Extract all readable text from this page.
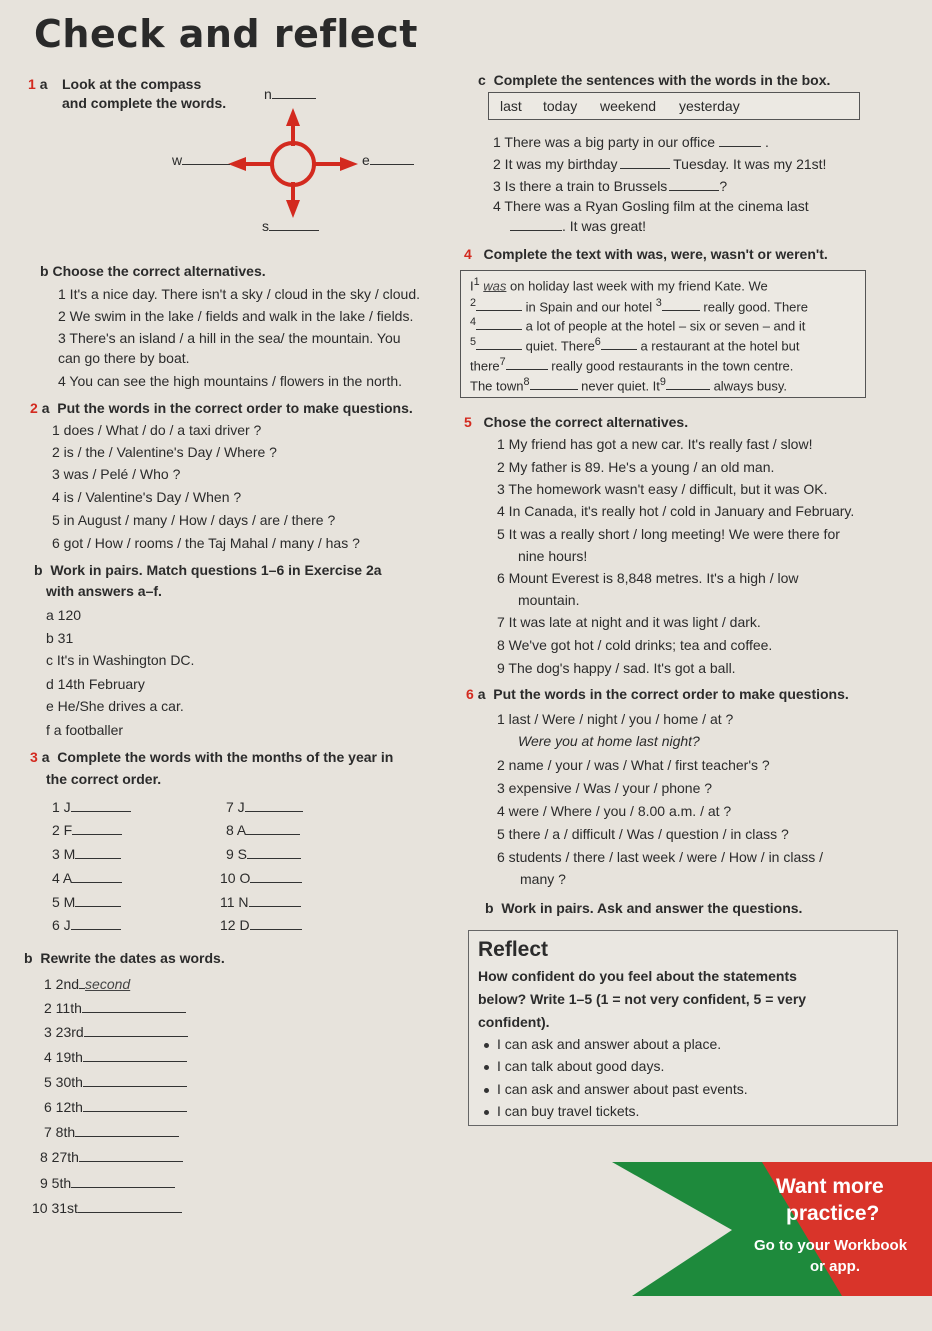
Check and reflect
1 a Look at the compass
and complete the words.
n
w	e
s
b Choose the correct alternatives.
1 It's a nice day. There isn't a sky / cloud in the sky / cloud.
2 We swim in the lake / fields and walk in the lake / fields.
3 There's an island / a hill in the sea/ the mountain. You
can go there by boat.
4 You can see the high mountains / flowers in the north.
c Complete the sentences with the words in the box.
last today weekend yesterday
1 There was a big party in our office	.
2 It was my birthday	Tuesday. It was my 21st!
3 Is there a train to Brussels	?
4 There was a Ryan Gosling film at the cinema last
. It was great!
4 Complete the text with was, were, wasn't or weren't.
$I^1$ was on holiday last week with my friend Kate. We
$^2$	in Spain and our hotel $^3$	really good. There
$^4$	a lot of people at the hotel – six or seven – and it
$^5$	quiet. There$^6$	a restaurant at the hotel but
there$^7$	really good restaurants in the town centre.
The town$^8$	never quiet. It$^9$	always busy.
2 a Put the words in the correct order to make questions.
1 does / What / do / a taxi driver ?
2 is / the / Valentine's Day / Where ?
3 was / Pelé / Who ?
4 is / Valentine's Day / When ?
5 in August / many / How / days / are / there ?
6 got / How / rooms / the Taj Mahal / many / has ?
b Work in pairs. Match questions 1–6 in Exercise 2a
with answers a–f.
a 120
b 31
c It's in Washington DC.
d 14th February
e He/She drives a car.
f a footballer
5 Chose the correct alternatives.
1 My friend has got a new car. It's really fast / slow!
2 My father is 89. He's a young / an old man.
3 The homework wasn't easy / difficult, but it was OK.
4 In Canada, it's really hot / cold in January and February.
5 It was a really short / long meeting! We were there for
nine hours!
6 Mount Everest is 8,848 metres. It's a high / low
mountain.
7 It was late at night and it was light / dark.
8 We've got hot / cold drinks; tea and coffee.
9 The dog's happy / sad. It's got a ball.
6 a Put the words in the correct order to make questions.
1 last / Were / night / you / home / at ?
Were you at home last night?
2 name / your / was / What / first teacher's ?
3 expensive / Was / your / phone ?
4 were / Where / you / 8.00 a.m. / at ?
5 there / a / difficult / Was / question / in class ?
6 students / there / last week / were / How / in class /
many ?
b Work in pairs. Ask and answer the questions.
3 a Complete the words with the months of the year in
the correct order.
1 J
2 F
3 M
4 A
5 M
6 J
7 J
8 A
9 S
10 O
11 N
12 D
b Rewrite the dates as words.
1 2nd second
2 11th
3 23rd
4 19th
5 30th
6 12th
7 8th
8 27th
9 5th
10 31st
Reflect
How confident do you feel about the statements
below? Write 1–5 (1 = not very confident, 5 = very
confident).
I can ask and answer about a place.
I can talk about good days.
I can ask and answer about past events.
I can buy travel tickets.
Want more
practice?
Go to your Workbook
or app.
